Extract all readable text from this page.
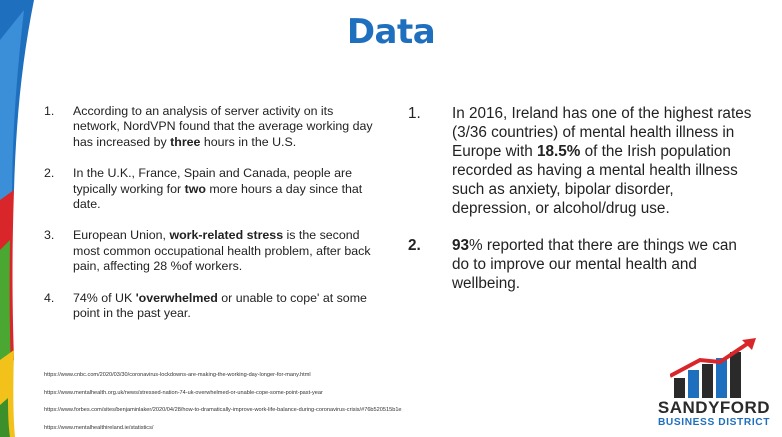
Data
1.	According to an analysis of server activity on its network, NordVPN found that the average working day has increased by three hours in the U.S.
2.	In the U.K., France, Spain and Canada, people are typically working for two more hours a day since that date.
3.	European Union, work-related stress is the second most common occupational health problem, after back pain, affecting 28 %of workers.
4.	74% of UK 'overwhelmed or unable to cope' at some point in the past year.
1.	In 2016, Ireland has one of the highest rates (3/36 countries) of mental health illness in Europe with 18.5% of the Irish population recorded as having a mental health illness such as anxiety, bipolar disorder, depression, or alcohol/drug use.
2.	93% reported that there are things we can do to improve our mental health and wellbeing.
https://www.cnbc.com/2020/03/30/coronavirus-lockdowns-are-making-the-working-day-longer-for-many.html
https://www.mentalhealth.org.uk/news/stressed-nation-74-uk-overwhelmed-or-unable-cope-some-point-past-year
https://www.forbes.com/sites/benjaminlaker/2020/04/28/how-to-dramatically-improve-work-life-balance-during-coronavirus-crisis/#76b520515b1e
https://www.mentalhealthireland.ie/statistics/
SANDYFORD
BUSINESS DISTRICT
